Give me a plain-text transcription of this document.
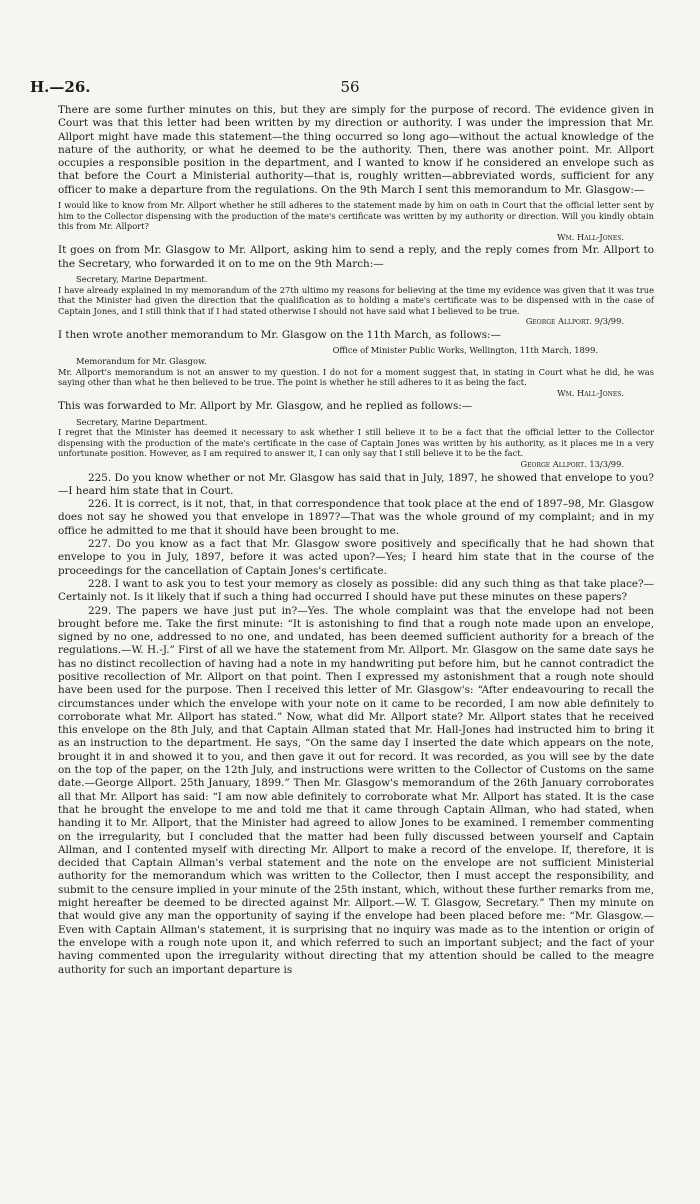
H.—26.	56

There are some further minutes on this, but they are simply for the purpose of record. The evidence given in Court was that this letter had been written by my direction or authority. I was under the impression that Mr. Allport might have made this statement—the thing occurred so long ago—without the actual knowledge of the nature of the authority, or what he deemed to be the authority. Then, there was another point. Mr. Allport occupies a responsible position in the department, and I wanted to know if he considered an envelope such as that before the Court a Ministerial authority—that is, roughly written—abbreviated words, sufficient for any officer to make a departure from the regulations. On the 9th March I sent this memorandum to Mr. Glasgow:—

I would like to know from Mr. Allport whether he still adheres to the statement made by him on oath in Court that the official letter sent by him to the Collector dispensing with the production of the mate's certificate was written by my authority or direction. Will you kindly obtain this from Mr. Allport?

Wm. Hall-Jones.

It goes on from Mr. Glasgow to Mr. Allport, asking him to send a reply, and the reply comes from Mr. Allport to the Secretary, who forwarded it on to me on the 9th March:—

Secretary, Marine Department.

I have already explained in my memorandum of the 27th ultimo my reasons for believing at the time my evidence was given that it was true that the Minister had given the direction that the qualification as to holding a mate's certificate was to be dispensed with in the case of Captain Jones, and I still think that if I had stated otherwise I should not have said what I believed to be true.

George Allport. 9/3/99.

I then wrote another memorandum to Mr. Glasgow on the 11th March, as follows:—

Office of Minister Public Works, Wellington, 11th March, 1899.

Memorandum for Mr. Glasgow.

Mr. Allport's memorandum is not an answer to my question. I do not for a moment suggest that, in stating in Court what he did, he was saying other than what he then believed to be true. The point is whether he still adheres to it as being the fact.

Wm. Hall-Jones.

This was forwarded to Mr. Allport by Mr. Glasgow, and he replied as follows:—

Secretary, Marine Department.

I regret that the Minister has deemed it necessary to ask whether I still believe it to be a fact that the official letter to the Collector dispensing with the production of the mate's certificate in the case of Captain Jones was written by his authority, as it places me in a very unfortunate position. However, as I am required to answer it, I can only say that I still believe it to be the fact.

George Allport. 13/3/99.

225. Do you know whether or not Mr. Glasgow has said that in July, 1897, he showed that envelope to you?—I heard him state that in Court.

226. It is correct, is it not, that, in that correspondence that took place at the end of 1897–98, Mr. Glasgow does not say he showed you that envelope in 1897?—That was the whole ground of my complaint; and in my office he admitted to me that it should have been brought to me.

227. Do you know as a fact that Mr. Glasgow swore positively and specifically that he had shown that envelope to you in July, 1897, before it was acted upon?—Yes; I heard him state that in the course of the proceedings for the cancellation of Captain Jones's certificate.

228. I want to ask you to test your memory as closely as possible: did any such thing as that take place?—Certainly not. Is it likely that if such a thing had occurred I should have put these minutes on these papers?

229. The papers we have just put in?—Yes. The whole complaint was that the envelope had not been brought before me. Take the first minute: “It is astonishing to find that a rough note made upon an envelope, signed by no one, addressed to no one, and undated, has been deemed sufficient authority for a breach of the regulations.—W. H.-J.” First of all we have the statement from Mr. Allport. Mr. Glasgow on the same date says he has no distinct recollection of having had a note in my handwriting put before him, but he cannot contradict the positive recollection of Mr. Allport on that point. Then I expressed my astonishment that a rough note should have been used for the purpose. Then I received this letter of Mr. Glasgow's: “After endeavouring to recall the circumstances under which the envelope with your note on it came to be recorded, I am now able definitely to corroborate what Mr. Allport has stated.” Now, what did Mr. Allport state? Mr. Allport states that he received this envelope on the 8th July, and that Captain Allman stated that Mr. Hall-Jones had instructed him to bring it as an instruction to the department. He says, “On the same day I inserted the date which appears on the note, brought it in and showed it to you, and then gave it out for record. It was recorded, as you will see by the date on the top of the paper, on the 12th July, and instructions were written to the Collector of Customs on the same date.—George Allport. 25th January, 1899.” Then Mr. Glasgow's memorandum of the 26th January corroborates all that Mr. Allport has said: “I am now able definitely to corroborate what Mr. Allport has stated. It is the case that he brought the envelope to me and told me that it came through Captain Allman, who had stated, when handing it to Mr. Allport, that the Minister had agreed to allow Jones to be examined. I remember commenting on the irregularity, but I concluded that the matter had been fully discussed between yourself and Captain Allman, and I contented myself with directing Mr. Allport to make a record of the envelope. If, therefore, it is decided that Captain Allman's verbal statement and the note on the envelope are not sufficient Ministerial authority for the memorandum which was written to the Collector, then I must accept the responsibility, and submit to the censure implied in your minute of the 25th instant, which, without these further remarks from me, might hereafter be deemed to be directed against Mr. Allport.—W. T. Glasgow, Secretary.” Then my minute on that would give any man the opportunity of saying if the envelope had been placed before me: “Mr. Glasgow.—Even with Captain Allman's statement, it is surprising that no inquiry was made as to the intention or origin of the envelope with a rough note upon it, and which referred to such an important subject; and the fact of your having commented upon the irregularity without directing that my attention should be called to the meagre authority for such an important departure is
